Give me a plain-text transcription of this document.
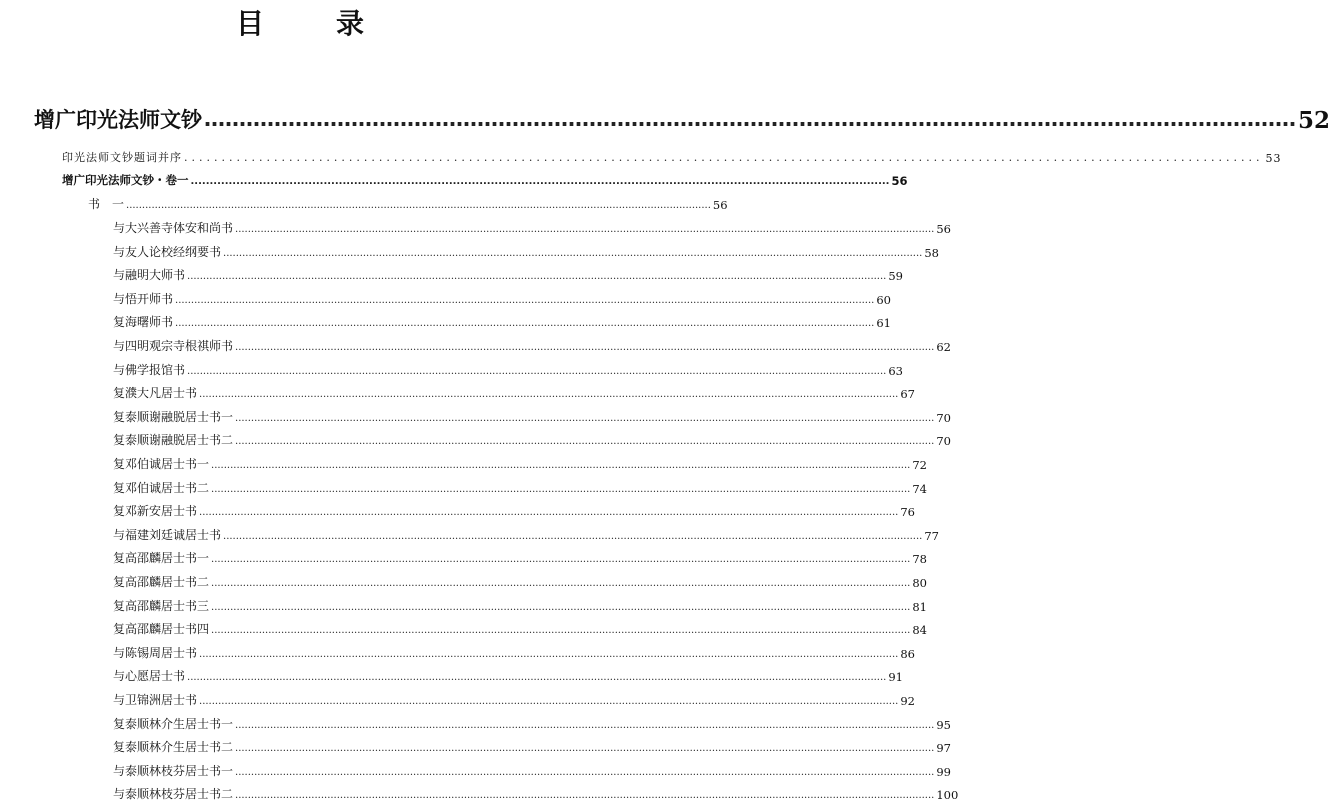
目　录
增广印光法师文钞 ………………………………………………………………………………………………………………………………………… 52
印光法师文钞题词并序 ................................................................................................................................................ 53
增广印光法师文钞・卷一 ........................................................................................................................................................................................ 56
书　一 ........................................................................................................................................................................................ 56
与大兴善寺体安和尚书 ............................................................................................................................................................................................................................ 56
与友人论校经纲要书 ............................................................................................................................................................................................................................ 58
与融明大师书 ............................................................................................................................................................................................................................ 59
与悟开师书 ............................................................................................................................................................................................................................ 60
复海曙师书 ............................................................................................................................................................................................................................ 61
与四明观宗寺根祺师书 ............................................................................................................................................................................................................................ 62
与佛学报馆书 ............................................................................................................................................................................................................................ 63
复濮大凡居士书 ............................................................................................................................................................................................................................ 67
复泰顺谢融脱居士书一 ............................................................................................................................................................................................................................ 70
复泰顺谢融脱居士书二 ............................................................................................................................................................................................................................ 70
复邓伯诚居士书一 ............................................................................................................................................................................................................................ 72
复邓伯诚居士书二 ............................................................................................................................................................................................................................ 74
复邓新安居士书 ............................................................................................................................................................................................................................ 76
与福建刘廷诚居士书 ............................................................................................................................................................................................................................ 77
复高邵麟居士书一 ............................................................................................................................................................................................................................ 78
复高邵麟居士书二 ............................................................................................................................................................................................................................ 80
复高邵麟居士书三 ............................................................................................................................................................................................................................ 81
复高邵麟居士书四 ............................................................................................................................................................................................................................ 84
与陈锡周居士书 ............................................................................................................................................................................................................................ 86
与心愿居士书 ............................................................................................................................................................................................................................ 91
与卫锦洲居士书 ............................................................................................................................................................................................................................ 92
复泰顺林介生居士书一 ............................................................................................................................................................................................................................ 95
复泰顺林介生居士书二 ............................................................................................................................................................................................................................ 97
与泰顺林枝芬居士书一 ............................................................................................................................................................................................................................ 99
与泰顺林枝芬居士书二 ............................................................................................................................................................................................................................ 100
